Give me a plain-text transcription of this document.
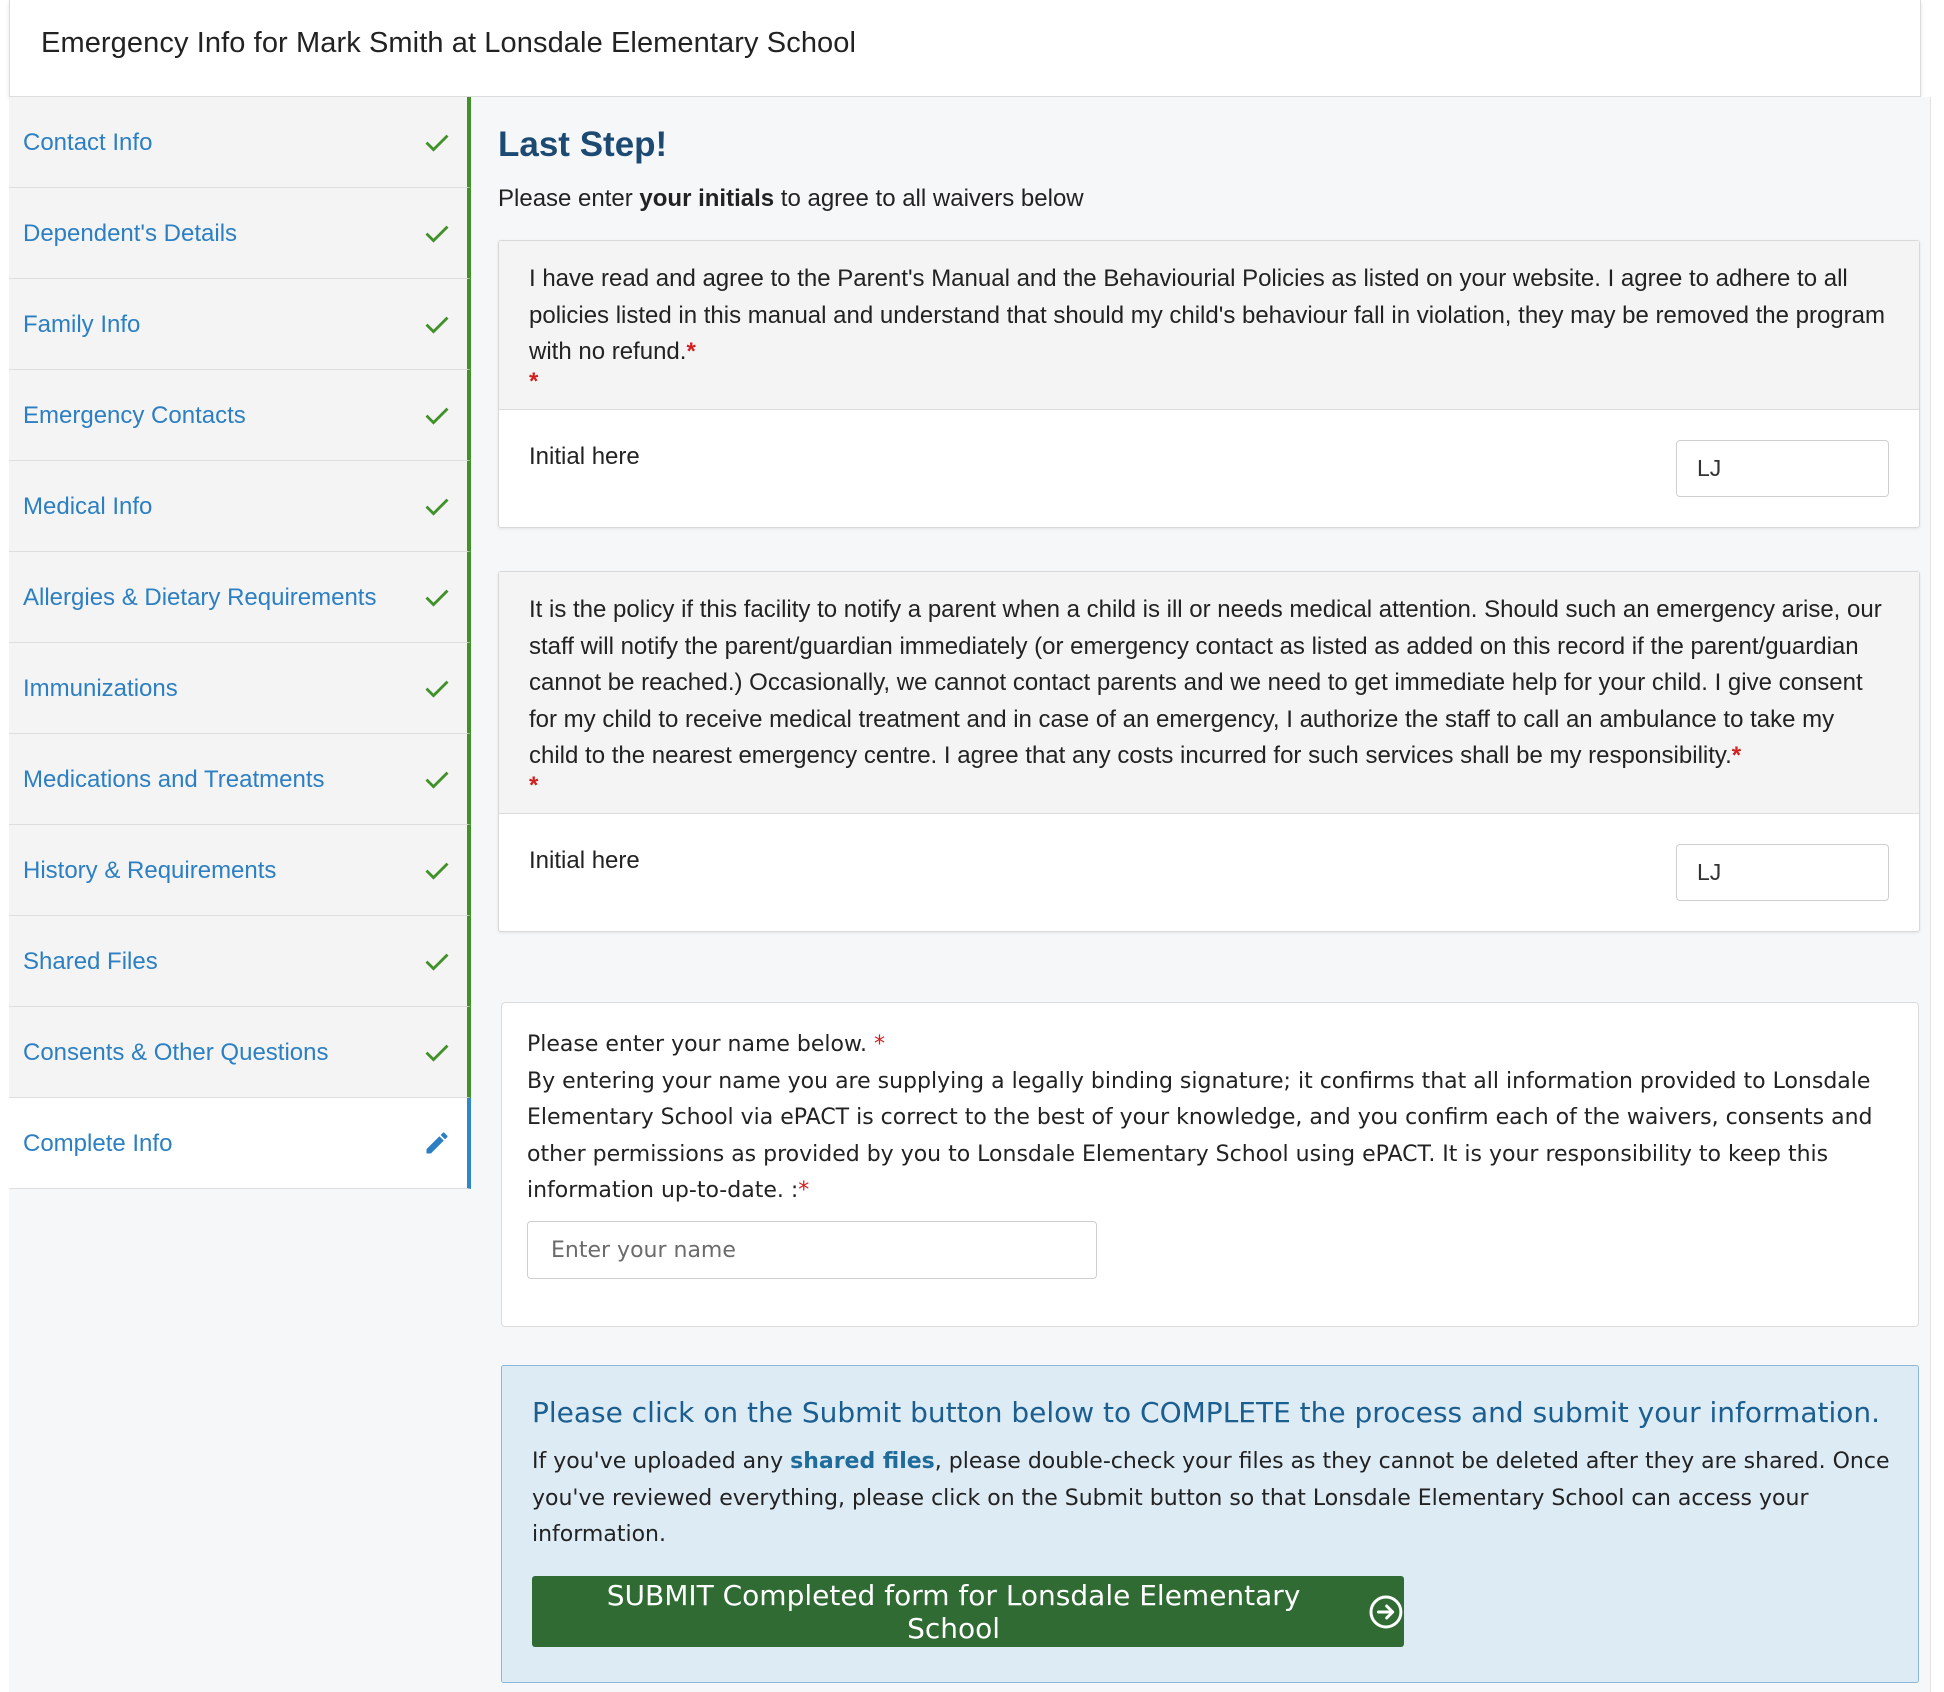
Emergency Info for Mark Smith at Lonsdale Elementary School
Contact Info
Dependent's Details
Family Info
Emergency Contacts
Medical Info
Allergies & Dietary Requirements
Immunizations
Medications and Treatments
History & Requirements
Shared Files
Consents & Other Questions
Complete Info
Last Step!
Please enter your initials to agree to all waivers below
I have read and agree to the Parent's Manual and the Behaviourial Policies as listed on your website. I agree to adhere to all policies listed in this manual and understand that should my child's behaviour fall in violation, they may be removed the program with no refund.*
*
Initial here
LJ
It is the policy if this facility to notify a parent when a child is ill or needs medical attention. Should such an emergency arise, our staff will notify the parent/guardian immediately (or emergency contact as listed as added on this record if the parent/guardian cannot be reached.) Occasionally, we cannot contact parents and we need to get immediate help for your child. I give consent for my child to receive medical treatment and in case of an emergency, I authorize the staff to call an ambulance to take my child to the nearest emergency centre. I agree that any costs incurred for such services shall be my responsibility.*
*
Initial here
LJ
Please enter your name below. *
By entering your name you are supplying a legally binding signature; it confirms that all information provided to Lonsdale Elementary School via ePACT is correct to the best of your knowledge, and you confirm each of the waivers, consents and other permissions as provided by you to Lonsdale Elementary School using ePACT. It is your responsibility to keep this information up-to-date. :*
Enter your name
Please click on the Submit button below to COMPLETE the process and submit your information.
If you've uploaded any shared files, please double-check your files as they cannot be deleted after they are shared. Once you've reviewed everything, please click on the Submit button so that Lonsdale Elementary School can access your information.
SUBMIT Completed form for Lonsdale Elementary School
